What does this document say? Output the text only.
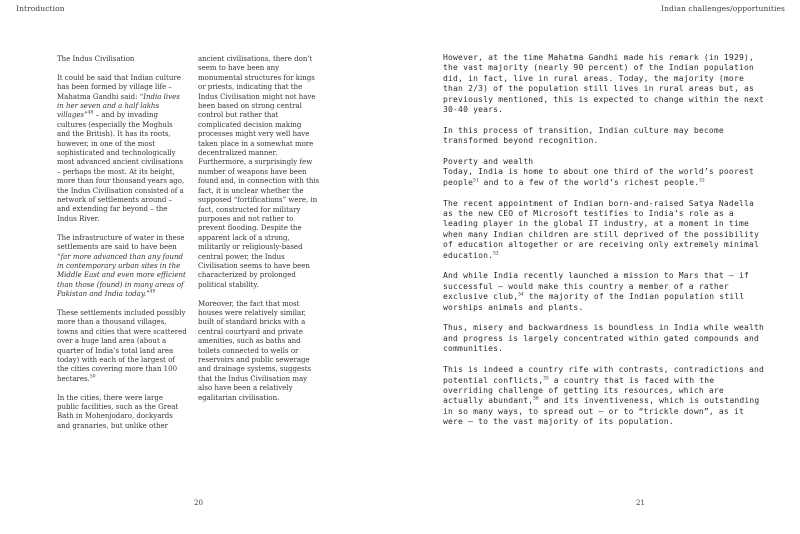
Introduction	Indian challenges/opportunities

The Indus Civilisation

It could be said that Indian culture has been formed by village life – Mahatma Gandhi said: “India lives in her seven and a half lakhs villages”$^{48}$ – and by invading cultures (especially the Moghuls and the British). It has its roots, however, in one of the most sophisticated and technologically most advanced ancient civilisations – perhaps the most. At its height, more than four thousand years ago, the Indus Civilisation consisted of a network of settlements around – and extending far beyond – the Indus River.

The infrastructure of water in these settlements are said to have been “far more advanced than any found in contemporary urban sites in the Middle East and even more efficient than those (found) in many areas of Pakistan and India today.”$^{49}$

These settlements included possibly more than a thousand villages, towns and cities that were scattered over a huge land area (about a quarter of India’s total land area today) with each of the largest of the cities covering more than 100 hectares.$^{50}$

In the cities, there were large public facilities, such as the Great Bath in Mohenjodaro, dockyards and granaries, but unlike other

ancient civilisations, there don’t seem to have been any monumental structures for kings or priests, indicating that the Indus Civilisation might not have been based on strong central control but rather that complicated decision making processes might very well have taken place in a somewhat more decentralized manner. Furthermore, a surprisingly few number of weapons have been found and, in connection with this fact, it is unclear whether the supposed “fortifications” were, in fact, constructed for military purposes and not rather to prevent flooding. Despite the apparent lack of a strong, militarily or religiously-based central power, the Indus Civilisation seems to have been characterized by prolonged political stability.

Moreover, the fact that most houses were relatively similar, built of standard bricks with a central courtyard and private amenities, such as baths and toilets connected to wells or reservoirs and public sewerage and drainage systems, suggests that the Indus Civilisation may also have been a relatively egalitarian civilisation.

However, at the time Mahatma Gandhi made his remark (in 1929), the vast majority (nearly 90 percent) of the Indian population did, in fact, live in rural areas. Today, the majority (more than 2/3) of the population still lives in rural areas but, as previously mentioned, this is expected to change within the next 30-40 years.

In this process of transition, Indian culture may become transformed beyond recognition.

Poverty and wealth
Today, India is home to about one third of the world’s poorest people$^{51}$ and to a few of the world’s richest people.$^{52}$

The recent appointment of Indian born-and-raised Satya Nadella as the new CEO of Microsoft testifies to India’s role as a leading player in the global IT industry, at a moment in time when many Indian children are still deprived of the possibility of education altogether or are receiving only extremely minimal education.$^{53}$

And while India recently launched a mission to Mars that – if successful – would make this country a member of a rather exclusive club,$^{54}$ the majority of the Indian population still worships animals and plants.

Thus, misery and backwardness is boundless in India while wealth and progress is largely concentrated within gated compounds and communities.

This is indeed a country rife with contrasts, contradictions and potential conflicts,$^{55}$ a country that is faced with the overriding challenge of getting its resources, which are actually abundant,$^{56}$ and its inventiveness, which is outstanding in so many ways, to spread out – or to “trickle down”, as it were – to the vast majority of its population.

20	21
